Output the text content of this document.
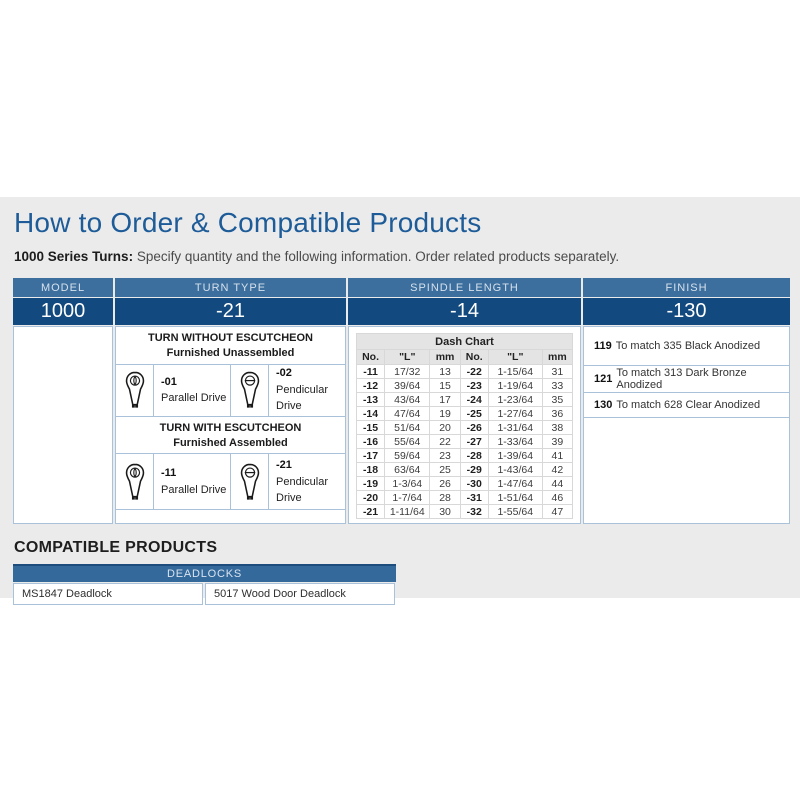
How to Order & Compatible Products

1000 Series Turns: Specify quantity and the following information. Order related products separately.

MODEL	TURN TYPE	SPINDLE LENGTH	FINISH
1000	-21	-14	-130
TURN WITHOUT ESCUTCHEON
Furnished Unassembled
-01
Parallel Drive
-02
Pendicular Drive
TURN WITH ESCUTCHEON
Furnished Assembled
-11
Parallel Drive
-21
Pendicular Drive
Dash Chart					
No.	"L"	mm	No.	"L"	mm
-11	17/32	13	-22	1-15/64	31
-12	39/64	15	-23	1-19/64	33
-13	43/64	17	-24	1-23/64	35
-14	47/64	19	-25	1-27/64	36
-15	51/64	20	-26	1-31/64	38
-16	55/64	22	-27	1-33/64	39
-17	59/64	23	-28	1-39/64	41
-18	63/64	25	-29	1-43/64	42
-19	1-3/64	26	-30	1-47/64	44
-20	1-7/64	28	-31	1-51/64	46
-21	1-11/64	30	-32	1-55/64	47
119 To match 335 Black Anodized
121 To match 313 Dark Bronze Anodized
130 To match 628 Clear Anodized
COMPATIBLE PRODUCTS
DEADLOCKS
MS1847 Deadlock	5017 Wood Door Deadlock
